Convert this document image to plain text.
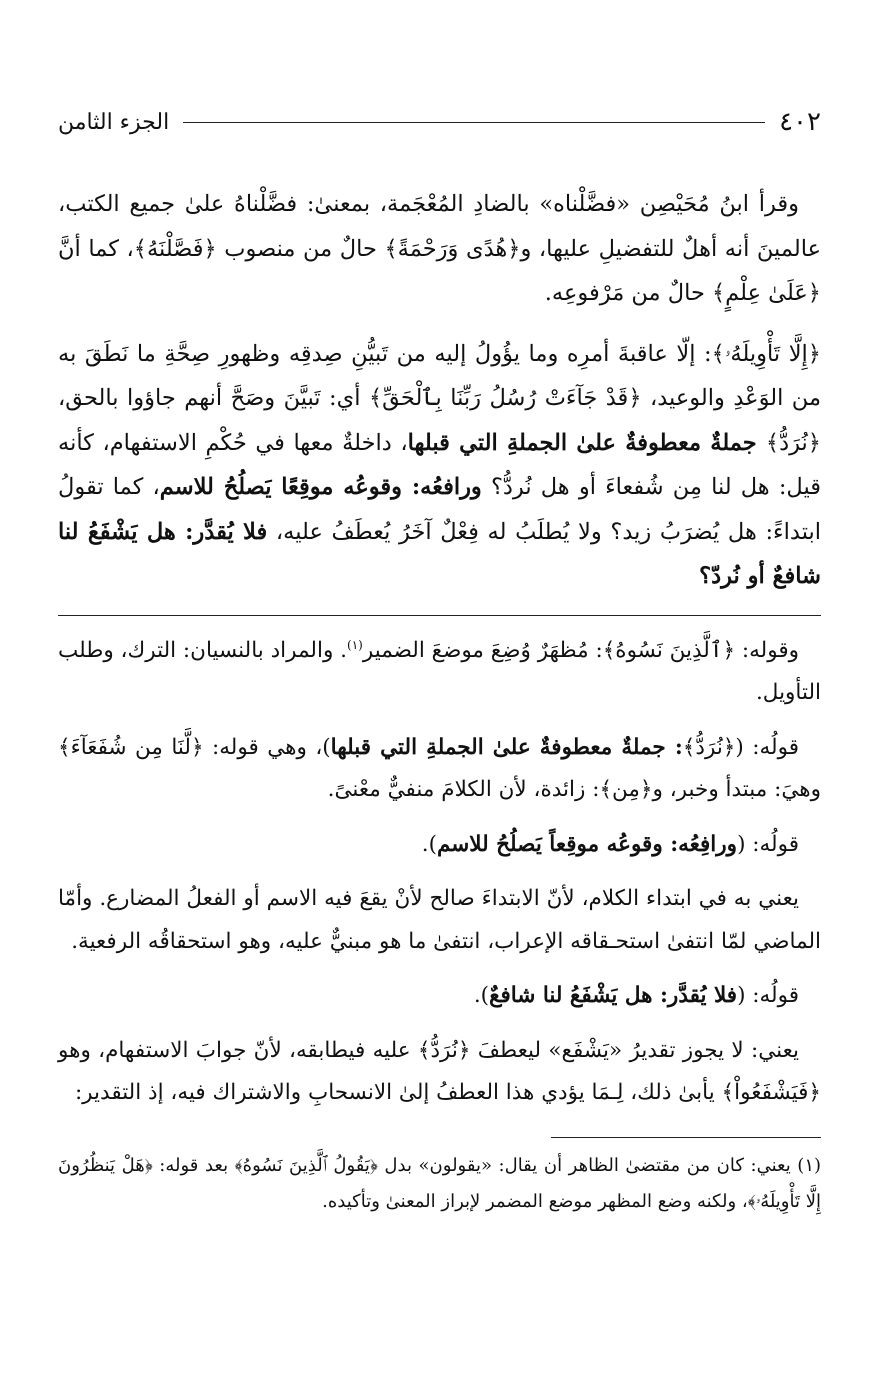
٤٠٢
الجزء الثامن

وقرأ ابنُ مُحَيْصِن «فضَّلْناه» بالضادِ المُعْجَمة، بمعنىٰ: فضَّلْناهُ علىٰ جميع الكتب، عالمينَ أنه أهلٌ للتفضيلِ عليها، و﴿هُدًى وَرَحْمَةً﴾ حالٌ من منصوب ﴿فَصَّلْنَهُ﴾، كما أنَّ ﴿عَلَىٰ عِلْمٍ﴾ حالٌ من مَرْفوعِه.

﴿إِلَّا تَأْوِيلَهُۥ﴾: إلّا عاقبةَ أمرِه وما يؤُولُ إليه من تَبيُّنِ صِدقِه وظهورِ صِحَّةِ ما نَطَقَ به من الوَعْدِ والوعيد، ﴿قَدْ جَآءَتْ رُسُلُ رَبِّنَا بِٱلْحَقِّ﴾ أي: تَبيَّنَ وصَحَّ أنهم جاؤوا بالحق، ﴿نُرَدُّ﴾ جملةٌ معطوفةٌ علىٰ الجملةِ التي قبلها، داخلةٌ معها في حُكْمِ الاستفهام، كأنه قيل: هل لنا مِن شُفعاءَ أو هل نُردُّ؟ ورافعُه: وقوعُه موقِعًا يَصلُحُ للاسم، كما تقولُ ابتداءً: هل يُضرَبُ زيد؟ ولا يُطلَبُ له فِعْلٌ آخَرُ يُعطَفُ عليه، فلا يُقدَّر: هل يَشْفَعُ لنا شافعٌ أو نُردّ؟

وقوله: ﴿ٱلَّذِينَ نَسُوهُ﴾: مُظهَرٌ وُضِعَ موضعَ الضمير$^{(١)}$. والمراد بالنسيان: الترك، وطلب التأويل.

قولُه: (﴿نُرَدُّ﴾: جملةٌ معطوفةٌ علىٰ الجملةِ التي قبلها)، وهي قوله: ﴿لَّنَا مِن شُفَعَآءَ﴾ وهيَ: مبتدأ وخبر، و﴿مِن﴾: زائدة، لأن الكلامَ منفيٌّ معْنىً.

قولُه: (ورافِعُه: وقوعُه موقِعاً يَصلُحُ للاسم).

يعني به في ابتداء الكلام، لأنّ الابتداءَ صالح لأنْ يقعَ فيه الاسم أو الفعلُ المضارع. وأمّا الماضي لمّا انتفىٰ استحـقاقه الإعراب، انتفىٰ ما هو مبنيٌّ عليه، وهو استحقاقُه الرفعية.

قولُه: (فلا يُقدَّر: هل يَشْفَعُ لنا شافعٌ).

يعني: لا يجوز تقديرُ «يَشْفَع» ليعطفَ ﴿نُرَدُّ﴾ عليه فيطابقه، لأنّ جوابَ الاستفهام، وهو ﴿فَيَشْفَعُواْ﴾ يأبىٰ ذلك، لِـمَا يؤدي هذا العطفُ إلىٰ الانسحابِ والاشتراك فيه، إذ التقدير:

(١) يعني: كان من مقتضىٰ الظاهر أن يقال: «يقولون» بدل ﴿يَقُولُ ٱلَّذِينَ نَسُوهُ﴾ بعد قوله: ﴿هَلْ يَنظُرُونَ إِلَّا تَأْوِيلَهُۥ﴾، ولكنه وضع المظهر موضع المضمر لإبراز المعنىٰ وتأكيده.
